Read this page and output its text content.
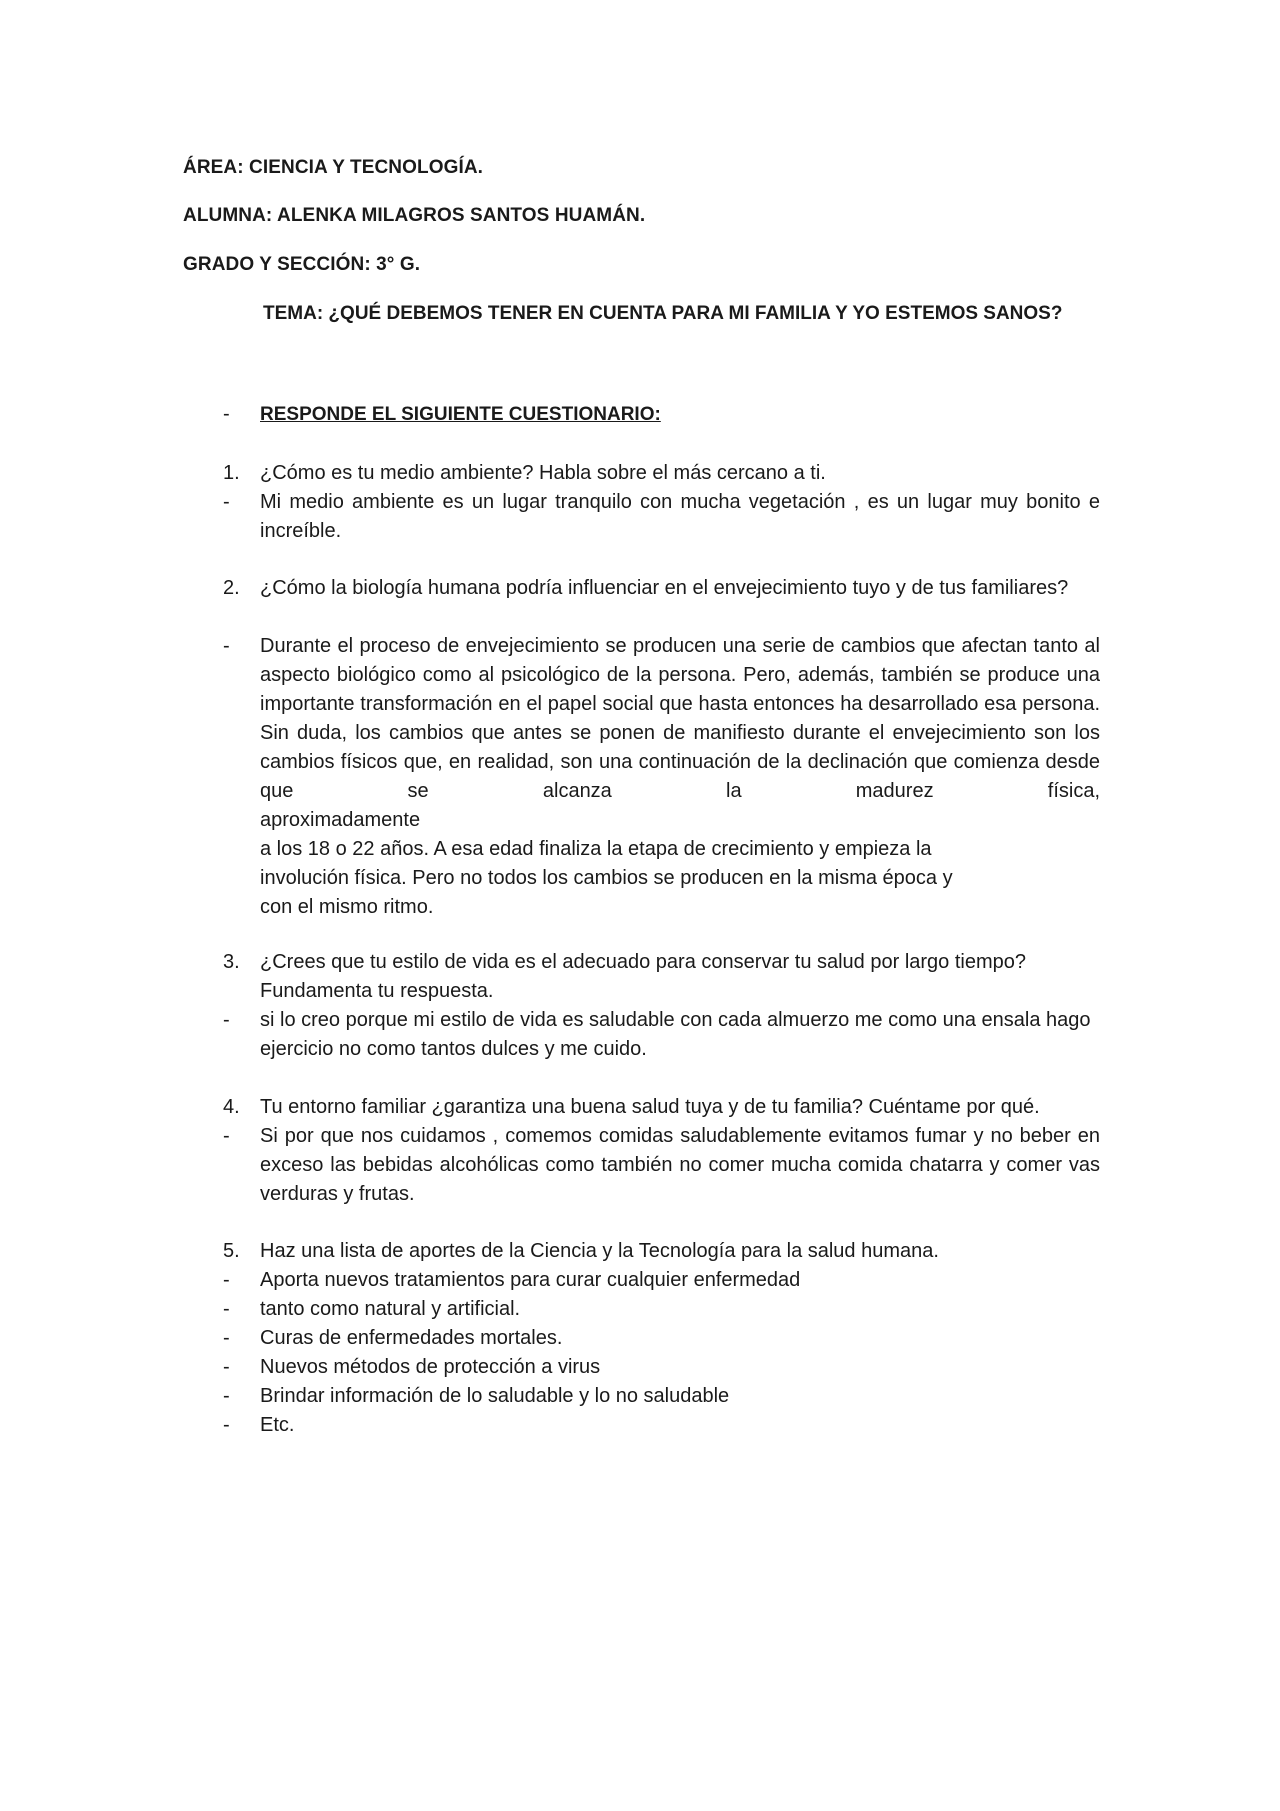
ÁREA: CIENCIA Y TECNOLOGÍA.
ALUMNA: ALENKA MILAGROS SANTOS HUAMÁN.
GRADO Y SECCIÓN: 3° G.
TEMA: ¿QUÉ DEBEMOS TENER EN CUENTA PARA MI FAMILIA Y YO ESTEMOS SANOS?
-	RESPONDE EL SIGUIENTE CUESTIONARIO:
1.	¿Cómo es tu medio ambiente? Habla sobre el más cercano a ti.
-	Mi medio ambiente es un lugar tranquilo con mucha vegetación , es un lugar muy bonito e increíble.
2.	¿Cómo la biología humana podría influenciar en el envejecimiento tuyo y de tus familiares?
-	Durante el proceso de envejecimiento se producen una serie de cambios que afectan tanto al aspecto biológico como al psicológico de la persona. Pero, además, también se produce una importante transformación en el papel social que hasta entonces ha desarrollado esa persona. Sin duda, los cambios que antes se ponen de manifiesto durante el envejecimiento son los cambios físicos que, en realidad, son una continuación de la declinación que comienza desde que se alcanza la madurez física,
aproximadamente
a los 18 o 22 años. A esa edad finaliza la etapa de crecimiento y empieza la
involución física. Pero no todos los cambios se producen en la misma época y
con el mismo ritmo.
3.	¿Crees que tu estilo de vida es el adecuado para conservar tu salud por largo tiempo? Fundamenta tu respuesta.
-	si lo creo porque mi estilo de vida es saludable con cada almuerzo me como una ensala hago ejercicio no como tantos dulces y me cuido.
4.	Tu entorno familiar ¿garantiza una buena salud tuya y de tu familia? Cuéntame por qué.
-	Si por que nos cuidamos , comemos comidas saludablemente evitamos fumar y no beber en exceso las bebidas alcohólicas como también no comer mucha comida chatarra y comer vas verduras y frutas.
5.	Haz una lista de aportes de la Ciencia y la Tecnología para la salud humana.
-	Aporta nuevos tratamientos para curar cualquier enfermedad
-	tanto como natural y artificial.
-	Curas de enfermedades mortales.
-	Nuevos métodos de protección a virus
-	Brindar información de lo saludable y lo no saludable
-	Etc.
